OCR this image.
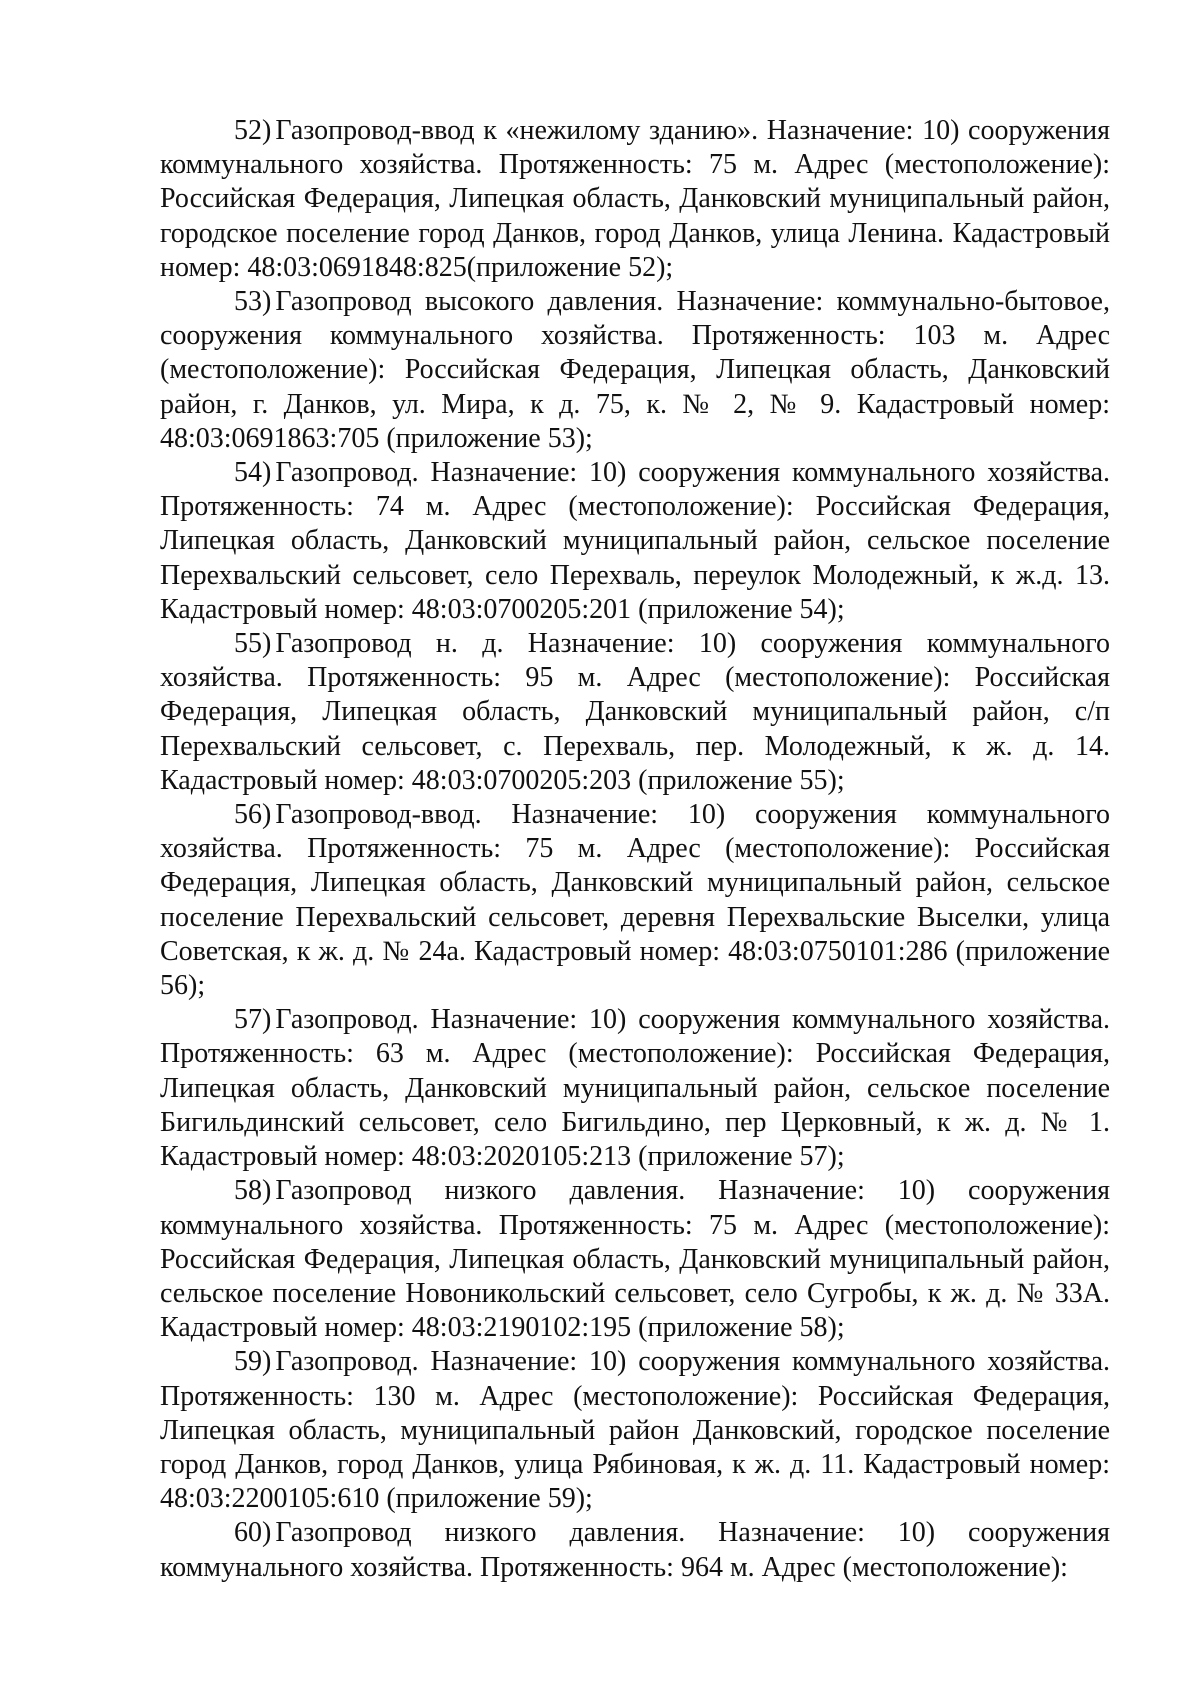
52) Газопровод-ввод к «нежилому зданию». Назначение: 10) сооружения коммунального хозяйства. Протяженность: 75 м. Адрес (местоположение): Российская Федерация, Липецкая область, Данковский муниципальный район, городское поселение город Данков, город Данков, улица Ленина. Кадастровый номер: 48:03:0691848:825(приложение 52);

53) Газопровод высокого давления. Назначение: коммунально-бытовое, сооружения коммунального хозяйства. Протяженность: 103 м. Адрес (местоположение): Российская Федерация, Липецкая область, Данковский район, г. Данков, ул. Мира, к д. 75, к. № 2, № 9. Кадастровый номер: 48:03:0691863:705 (приложение 53);

54) Газопровод. Назначение: 10) сооружения коммунального хозяйства. Протяженность: 74 м. Адрес (местоположение): Российская Федерация, Липецкая область, Данковский муниципальный район, сельское поселение Перехвальский сельсовет, село Перехваль, переулок Молодежный, к ж.д. 13. Кадастровый номер: 48:03:0700205:201 (приложение 54);

55) Газопровод н. д. Назначение: 10) сооружения коммунального хозяйства. Протяженность: 95 м. Адрес (местоположение): Российская Федерация, Липецкая область, Данковский муниципальный район, с/п Перехвальский сельсовет, с. Перехваль, пер. Молодежный, к ж. д. 14. Кадастровый номер: 48:03:0700205:203 (приложение 55);

56) Газопровод-ввод. Назначение: 10) сооружения коммунального хозяйства. Протяженность: 75 м. Адрес (местоположение): Российская Федерация, Липецкая область, Данковский муниципальный район, сельское поселение Перехвальский сельсовет, деревня Перехвальские Выселки, улица Советская, к ж. д. № 24а. Кадастровый номер: 48:03:0750101:286 (приложение 56);

57) Газопровод. Назначение: 10) сооружения коммунального хозяйства. Протяженность: 63 м. Адрес (местоположение): Российская Федерация, Липецкая область, Данковский муниципальный район, сельское поселение Бигильдинский сельсовет, село Бигильдино, пер Церковный, к ж. д. № 1. Кадастровый номер: 48:03:2020105:213 (приложение 57);

58) Газопровод низкого давления. Назначение: 10) сооружения коммунального хозяйства. Протяженность: 75 м. Адрес (местоположение): Российская Федерация, Липецкая область, Данковский муниципальный район, сельское поселение Новоникольский сельсовет, село Сугробы, к ж. д. № 33А. Кадастровый номер: 48:03:2190102:195 (приложение 58);

59) Газопровод. Назначение: 10) сооружения коммунального хозяйства. Протяженность: 130 м. Адрес (местоположение): Российская Федерация, Липецкая область, муниципальный район Данковский, городское поселение город Данков, город Данков, улица Рябиновая, к ж. д. 11. Кадастровый номер: 48:03:2200105:610 (приложение 59);

60) Газопровод низкого давления. Назначение: 10) сооружения коммунального хозяйства. Протяженность: 964 м. Адрес (местоположение):
